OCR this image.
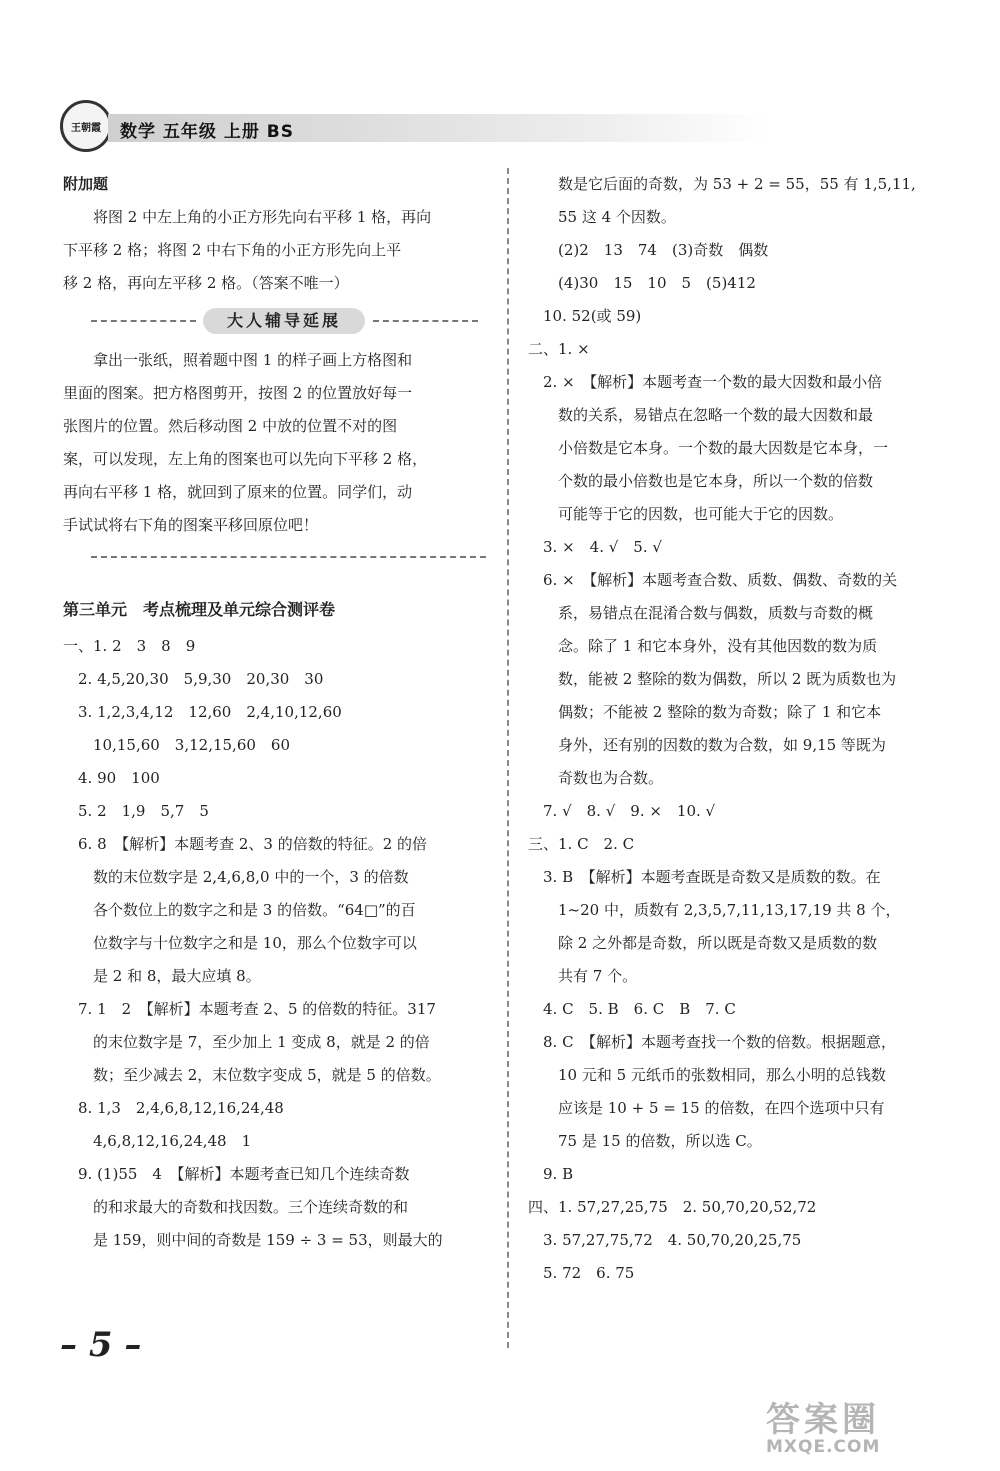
王朝霞 数学 五年级 上册 BS
附加题
　　将图 2 中左上角的小正方形先向右平移 1 格，再向
下平移 2 格；将图 2 中右下角的小正方形先向上平
移 2 格，再向左平移 2 格。（答案不唯一）
大人辅导延展
　　拿出一张纸，照着题中图 1 的样子画上方格图和
里面的图案。把方格图剪开，按图 2 的位置放好每一
张图片的位置。然后移动图 2 中放的位置不对的图
案，可以发现，左上角的图案也可以先向下平移 2 格，
再向右平移 1 格，就回到了原来的位置。同学们，动
手试试将右下角的图案平移回原位吧！
第三单元　考点梳理及单元综合测评卷
一、1. 2　3　8　9
　2. 4,5,20,30　5,9,30　20,30　30
　3. 1,2,3,4,12　12,60　2,4,10,12,60
　　10,15,60　3,12,15,60　60
　4. 90　100
　5. 2　1,9　5,7　5
　6. 8　【解析】本题考查 2、3 的倍数的特征。2 的倍
　　数的末位数字是 2,4,6,8,0 中的一个，3 的倍数
　　各个数位上的数字之和是 3 的倍数。“64□”的百
　　位数字与十位数字之和是 10，那么个位数字可以
　　是 2 和 8，最大应填 8。
　7. 1　2　【解析】本题考查 2、5 的倍数的特征。317
　　的末位数字是 7，至少加上 1 变成 8，就是 2 的倍
　　数；至少减去 2，末位数字变成 5，就是 5 的倍数。
　8. 1,3　2,4,6,8,12,16,24,48
　　4,6,8,12,16,24,48　1
　9. (1)55　4　【解析】本题考查已知几个连续奇数
　　的和求最大的奇数和找因数。三个连续奇数的和
　　是 159，则中间的奇数是 159 ÷ 3 = 53，则最大的
　　数是它后面的奇数，为 53 + 2 = 55，55 有 1,5,11,
　　55 这 4 个因数。
　　(2)2　13　74　(3)奇数　偶数
　　(4)30　15　10　5　(5)412
　10. 52(或 59)
二、1. ×
　2. ×　【解析】本题考查一个数的最大因数和最小倍
　　数的关系，易错点在忽略一个数的最大因数和最
　　小倍数是它本身。一个数的最大因数是它本身，一
　　个数的最小倍数也是它本身，所以一个数的倍数
　　可能等于它的因数，也可能大于它的因数。
　3. ×　4. √　5. √
　6. ×　【解析】本题考查合数、质数、偶数、奇数的关
　　系，易错点在混淆合数与偶数，质数与奇数的概
　　念。除了 1 和它本身外，没有其他因数的数为质
　　数，能被 2 整除的数为偶数，所以 2 既为质数也为
　　偶数；不能被 2 整除的数为奇数；除了 1 和它本
　　身外，还有别的因数的数为合数，如 9,15 等既为
　　奇数也为合数。
　7. √　8. √　9. ×　10. √
三、1. C　2. C
　3. B　【解析】本题考查既是奇数又是质数的数。在
　　1~20 中，质数有 2,3,5,7,11,13,17,19 共 8 个，
　　除 2 之外都是奇数，所以既是奇数又是质数的数
　　共有 7 个。
　4. C　5. B　6. C　B　7. C
　8. C　【解析】本题考查找一个数的倍数。根据题意，
　　10 元和 5 元纸币的张数相同，那么小明的总钱数
　　应该是 10 + 5 = 15 的倍数，在四个选项中只有
　　75 是 15 的倍数，所以选 C。
　9. B
四、1. 57,27,25,75　2. 50,70,20,52,72
　3. 57,27,75,72　4. 50,70,20,25,75
　5. 72　6. 75
– 5 –
答案圈
MXQE.COM
